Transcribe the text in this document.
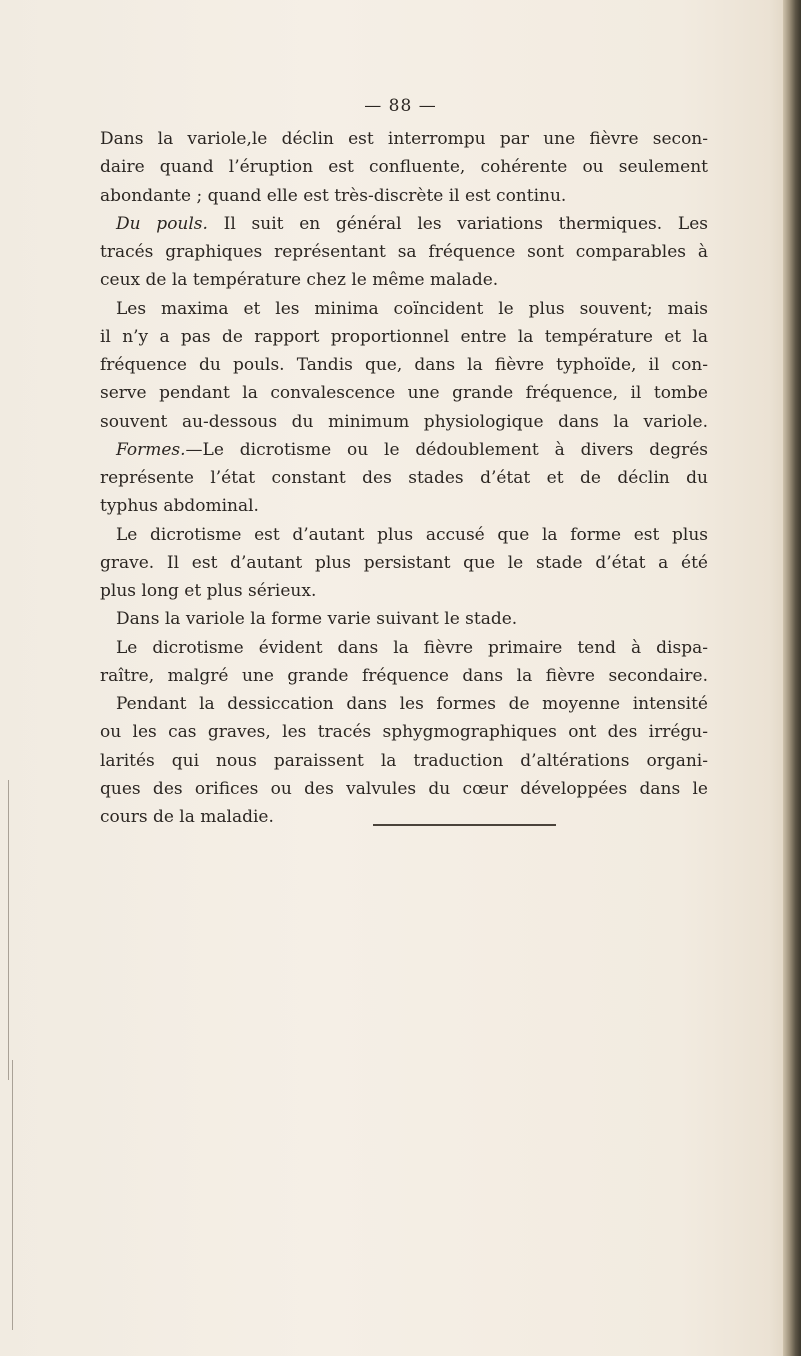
— 88 —
Dans la variole,le déclin est interrompu par une fièvre secon-
daire quand l’éruption est confluente, cohérente ou seulement
abondante ; quand elle est très-discrète il est continu.
Du pouls. Il suit en général les variations thermiques. Les
tracés graphiques représentant sa fréquence sont comparables à
ceux de la température chez le même malade.
Les maxima et les minima coïncident le plus souvent; mais
il n’y a pas de rapport proportionnel entre la température et la
fréquence du pouls. Tandis que, dans la fièvre typhoïde, il con-
serve pendant la convalescence une grande fréquence, il tombe
souvent au-dessous du minimum physiologique dans la variole.
Formes.—Le dicrotisme ou le dédoublement à divers degrés
représente l’état constant des stades d’état et de déclin du
typhus abdominal.
Le dicrotisme est d’autant plus accusé que la forme est plus
grave. Il est d’autant plus persistant que le stade d’état a été
plus long et plus sérieux.
Dans la variole la forme varie suivant le stade.
Le dicrotisme évident dans la fièvre primaire tend à dispa-
raître, malgré une grande fréquence dans la fièvre secondaire.
Pendant la dessiccation dans les formes de moyenne intensité
ou les cas graves, les tracés sphygmographiques ont des irrégu-
larités qui nous paraissent la traduction d’altérations organi-
ques des orifices ou des valvules du cœur développées dans le
cours de la maladie.
